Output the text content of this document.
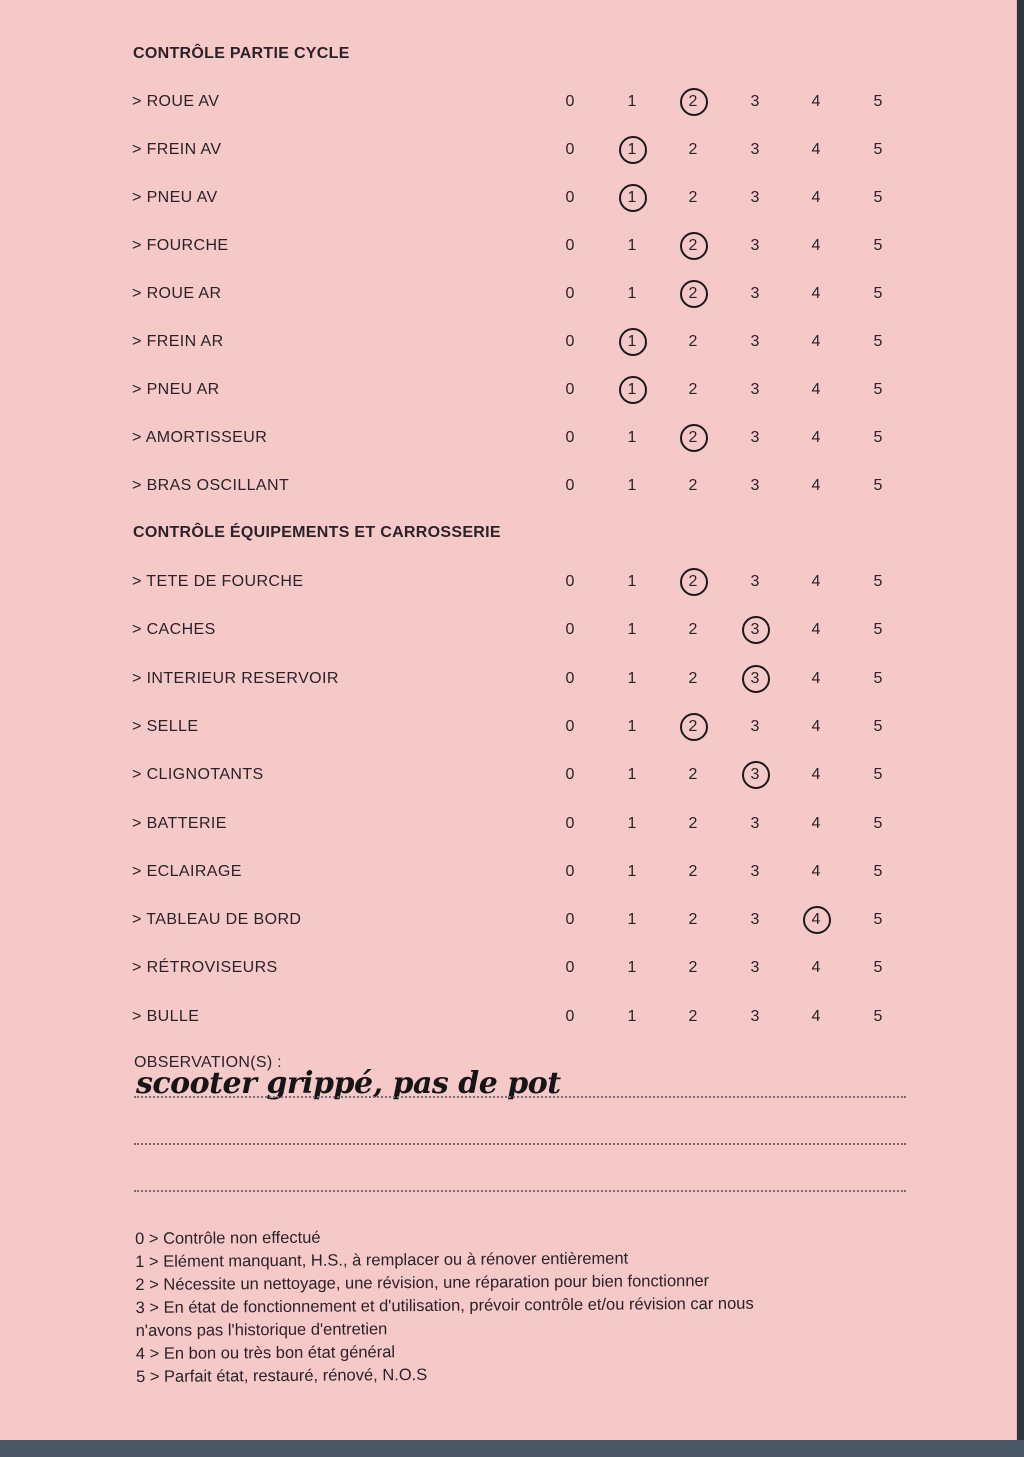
CONTRÔLE PARTIE CYCLE
> ROUE AV	0	1	2	3	4	5
> FREIN AV	0	1	2	3	4	5
> PNEU AV	0	1	2	3	4	5
> FOURCHE	0	1	2	3	4	5
> ROUE AR	0	1	2	3	4	5
> FREIN AR	0	1	2	3	4	5
> PNEU AR	0	1	2	3	4	5
> AMORTISSEUR	0	1	2	3	4	5
> BRAS OSCILLANT	0	1	2	3	4	5
CONTRÔLE ÉQUIPEMENTS ET CARROSSERIE
> TETE DE FOURCHE	0	1	2	3	4	5
> CACHES	0	1	2	3	4	5
> INTERIEUR RESERVOIR	0	1	2	3	4	5
> SELLE	0	1	2	3	4	5
> CLIGNOTANTS	0	1	2	3	4	5
> BATTERIE	0	1	2	3	4	5
> ECLAIRAGE	0	1	2	3	4	5
> TABLEAU DE BORD	0	1	2	3	4	5
> RÉTROVISEURS	0	1	2	3	4	5
> BULLE	0	1	2	3	4	5
OBSERVATION(S) :
scooter grippé, pas de pot
0 > Contrôle non effectué
1 > Elément manquant, H.S., à remplacer ou à rénover entièrement
2 > Nécessite un nettoyage, une révision, une réparation pour bien fonctionner
3 > En état de fonctionnement et d'utilisation, prévoir contrôle et/ou révision car nous
n'avons pas l'historique d'entretien
4 > En bon ou très bon état général
5 > Parfait état, restauré, rénové, N.O.S
